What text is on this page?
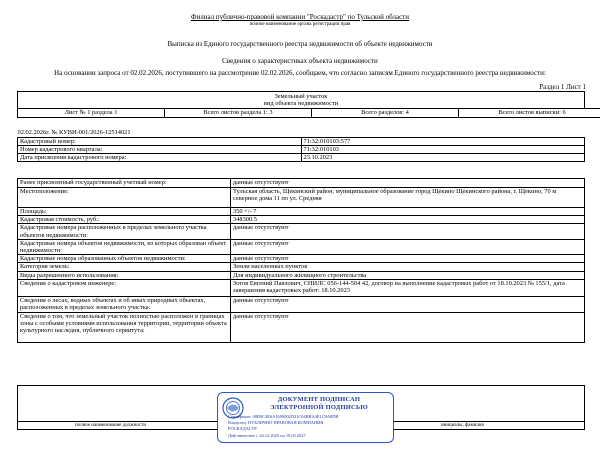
Филиал публично-правовой компании "Роскадастр" по Тульской области
полное наименование органа регистрации прав
Выписка из Единого государственного реестра недвижимости об объекте недвижимости
Сведения о характеристиках объекта недвижимости
На основании запроса от 02.02.2026, поступившего на рассмотрение 02.02.2026, сообщаем, что согласно записям Единого государственного реестра недвижимости:
Раздел 1 Лист 1
Земельный участок
вид объекта недвижимости
Лист № 1 раздела 1	Всего листов раздела 1: 3	Всего разделов: 4	Всего листов выписки: 6
02.02.2026г. № КУВИ-001/2026-12514021	
Кадастровый номер:	71:32:010103:577
Номер кадастрового квартала:	71:32:010103
Дата присвоения кадастрового номера:	23.10.2023
Ранее присвоенный государственный учетный номер:	данные отсутствуют
Местоположение:	Тульская область, Щекинский район, муниципальное образование город Щекино Щекинского района, г. Щекино, 70 м северное дома 11 по ул. Средняя
Площадь:	350 +/- 7
Кадастровая стоимость, руб.:	348300.5
Кадастровые номера расположенных в пределах земельного участка объектов недвижимости:	данные отсутствуют
Кадастровые номера объектов недвижимости, из которых образован объект недвижимости:	данные отсутствуют
Кадастровые номера образованных объектов недвижимости:	данные отсутствуют
Категория земель:	Земли населенных пунктов
Виды разрешенного использования:	Для индивидуального жилищного строительства
Сведения о кадастровом инженере:	Зотов Евгений Павлович, СНИЛС 056-144-504 42, договор на выполнение кадастровых работ от 18.10.2023 № 155/1, дата завершения кадастровых работ: 18.10.2023
Сведения о лесах, водных объектах и об иных природных объектах, расположенных в пределах земельного участка:	данные отсутствуют
Сведения о том, что земельный участок полностью расположен в границах зоны с особыми условиями использования территории, территории объекта культурного наследия, публичного сервитута:	данные отсутствуют
полное наименование должности	инициалы, фамилия
ДОКУМЕНТ ПОДПИСАН
ЭЛЕКТРОННОЙ ПОДПИСЬЮ
Сертификат: 00B9C4E6A1690002D31C04BBA4E1C9A8DB
Владелец: ПУБЛИЧНО-ПРАВОВАЯ КОМПАНИЯ
РОСКАДАСТР
Действителен: с 24.12.2025 по 19.03.2027
